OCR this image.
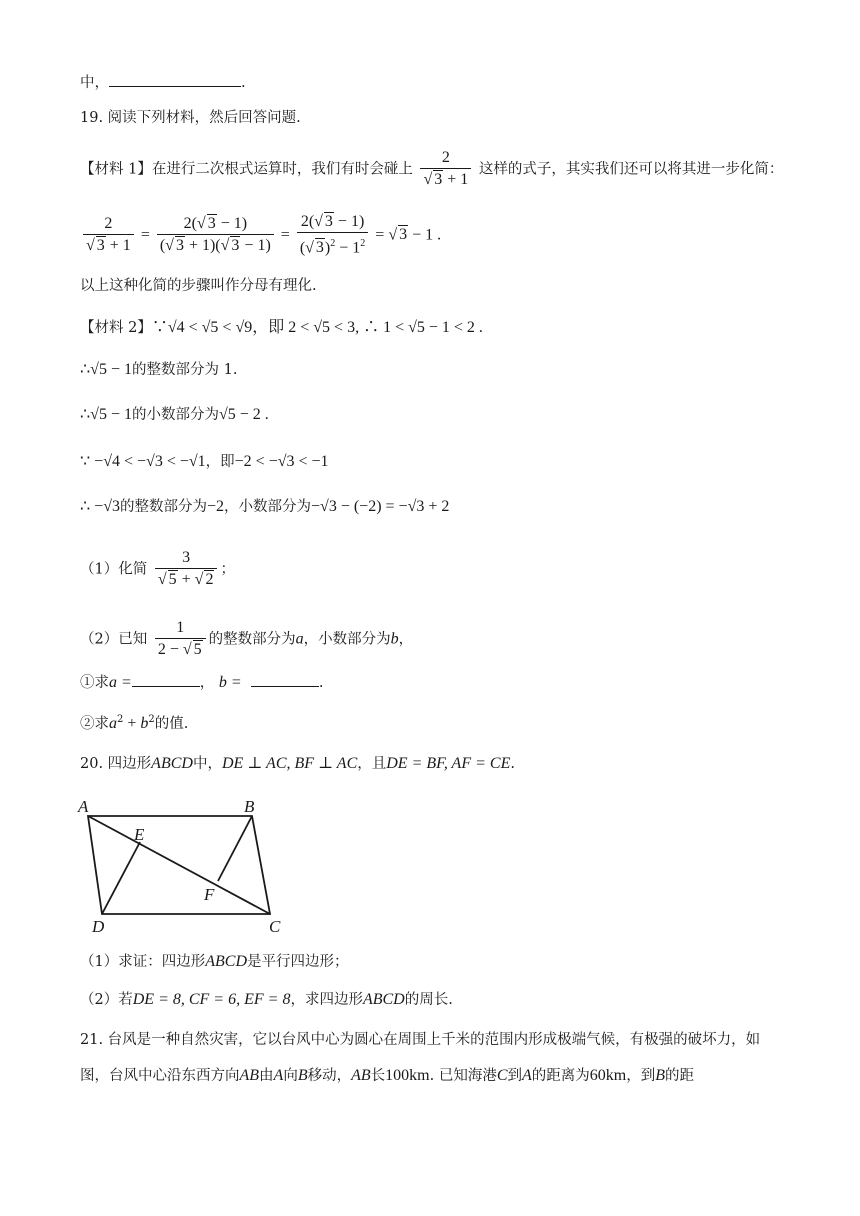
中，	.
19. 阅读下列材料，然后回答问题.
【材料 1】在进行二次根式运算时，我们有时会碰上 $\frac{2}{√ 3 + 1}$ 这样的式子，其实我们还可以将其进一步化简：
$\frac{2}{√ 3 + 1} = \frac{2(√ 3 - 1)}{(√ 3 + 1)(√ 3 - 1)} = \frac{2(√ 3 - 1)}{(√ 3)^2 - 1^2}$ = √ 3 − 1 .
以上这种化简的步骤叫作分母有理化.
【材料 2】∵√4 < √5 < √9，即 2 < √5 < 3, ∴ 1 < √5 − 1 < 2 .
∴√5 − 1的整数部分为 1.
∴√5 − 1的小数部分为√5 − 2 .
∵ −√4 < −√3 < −√1，即−2 < −√3 < −1
∴ −√3的整数部分为−2，小数部分为−√3 − (−2) = −√3 + 2
（1）化简 $\frac{3}{√ 5 + √ 2}$ ；
（2）已知 $\frac{1}{2 - √ 5}$ 的整数部分为a，小数部分为b，
①求a =	， b =	.
②求$a^2 + b^2$的值.
20. 四边形ABCD中，DE ⊥ AC, BF ⊥ AC，且DE = BF, AF = CE.
A	B
C
D
E
F
（1）求证：四边形ABCD是平行四边形；
（2）若DE = 8, CF = 6, EF = 8，求四边形ABCD的周长.
21. 台风是一种自然灾害，它以台风中心为圆心在周围上千米的范围内形成极端气候，有极强的破坏力，如
图，台风中心沿东西方向AB由A向B移动，AB长100km. 已知海港C到A的距离为60km，到B的距
